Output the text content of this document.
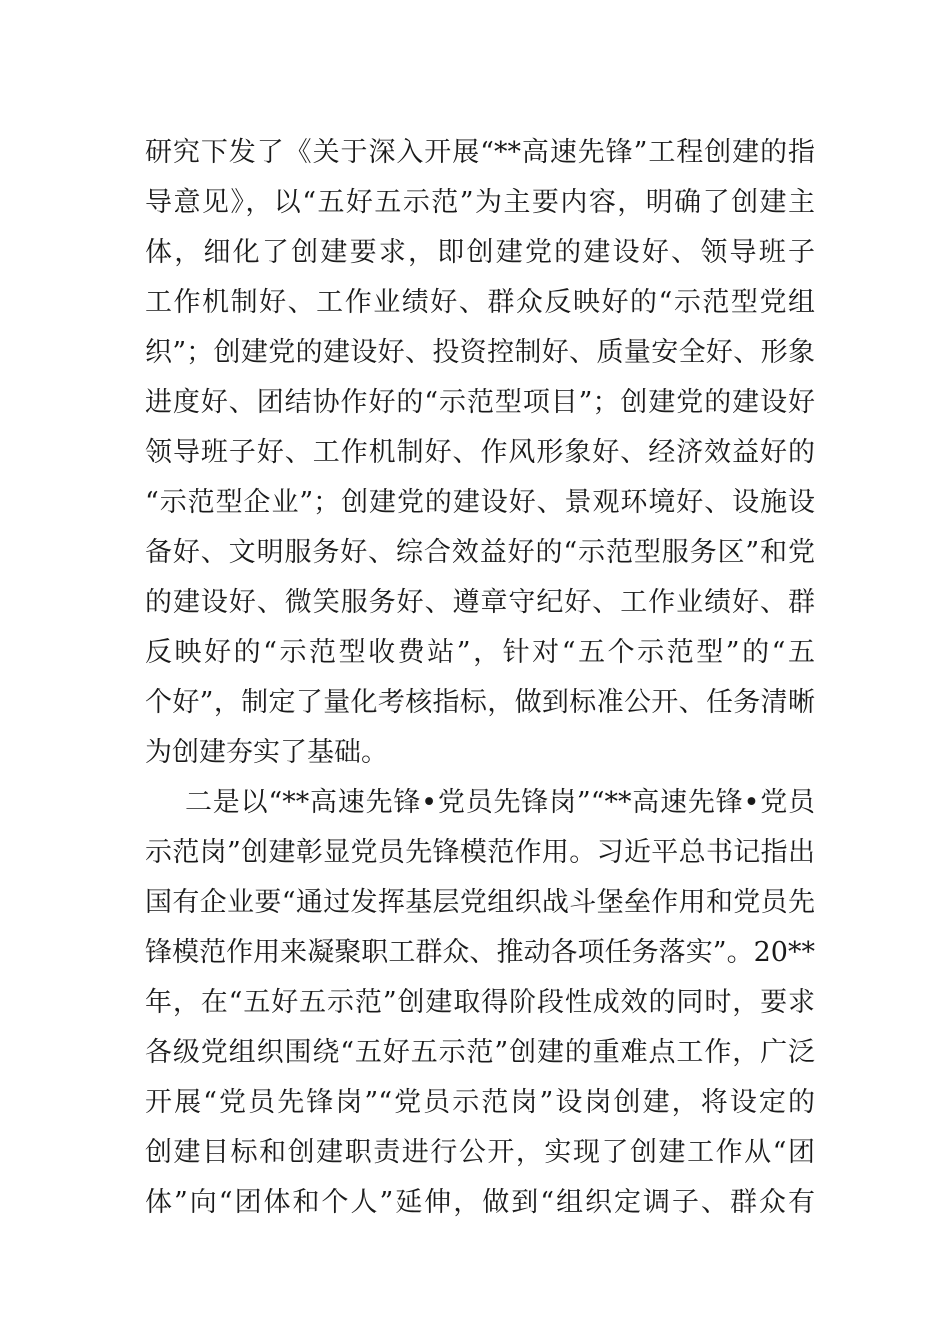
研究下发了《关于深入开展“**高速先锋”工程创建的指
导意见》，以“五好五示范”为主要内容，明确了创建主
体，细化了创建要求，即创建党的建设好、领导班子
工作机制好、工作业绩好、群众反映好的“示范型党组
织”；创建党的建设好、投资控制好、质量安全好、形象
进度好、团结协作好的“示范型项目”；创建党的建设好
领导班子好、工作机制好、作风形象好、经济效益好的
“示范型企业”；创建党的建设好、景观环境好、设施设
备好、文明服务好、综合效益好的“示范型服务区”和党
的建设好、微笑服务好、遵章守纪好、工作业绩好、群
反映好的“示范型收费站”，针对“五个示范型”的“五
个好”，制定了量化考核指标，做到标准公开、任务清晰
为创建夯实了基础。
二是以“**高速先锋•党员先锋岗”“**高速先锋•党员
示范岗”创建彰显党员先锋模范作用。习近平总书记指出
国有企业要“通过发挥基层党组织战斗堡垒作用和党员先
锋模范作用来凝聚职工群众、推动各项任务落实”。20**
年，在“五好五示范”创建取得阶段性成效的同时，要求
各级党组织围绕“五好五示范”创建的重难点工作，广泛
开展“党员先锋岗”“党员示范岗”设岗创建，将设定的
创建目标和创建职责进行公开，实现了创建工作从“团
体”向“团体和个人”延伸，做到“组织定调子、群众有
